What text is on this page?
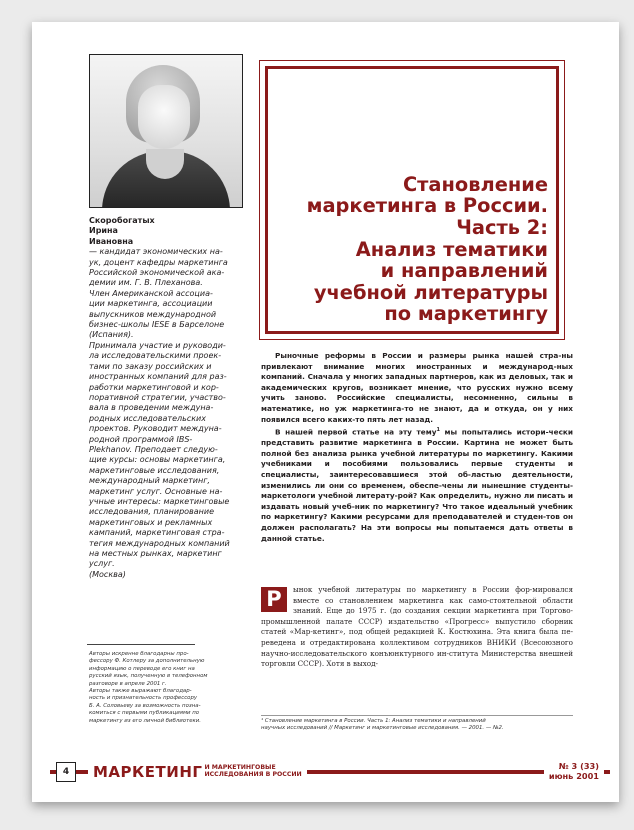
Скоробогатых
Ирина
Ивановна
— кандидат экономических на-
ук, доцент кафедры маркетинга
Российской экономической ака-
демии им. Г. В. Плеханова.
Член Американской ассоциа-
ции маркетинга, ассоциации
выпускников международной
бизнес-школы IESE в Барселоне
(Испания).
Принимала участие и руководи-
ла исследовательскими проек-
тами по заказу российских и
иностранных компаний для раз-
работки маркетинговой и кор-
поративной стратегии, участво-
вала в проведении междуна-
родных исследовательских
проектов. Руководит междуна-
родной программой IBS-
Plekhanov. Преподает следую-
щие курсы: основы маркетинга,
маркетинговые исследования,
международный маркетинг,
маркетинг услуг. Основные на-
учные интересы: маркетинговые
исследования, планирование
маркетинговых и рекламных
кампаний, маркетинговая стра-
тегия международных компаний
на местных рынках, маркетинг
услуг.
(Москва)
Авторы искренне благодарны про-
фессору Ф. Котлеру за дополнительную
информацию о переводе его книг на
русский язык, полученную в телефонном
разговоре в апреле 2001 г.
Авторы также выражают благодар-
ность и признательность профессору
Б. А. Соловьеву за возможность позна-
комиться с первыми публикациями по
маркетингу из его личной библиотеки.
Становление
маркетинга в России.
Часть 2:
Анализ тематики
и направлений
учебной литературы
по маркетингу

Рыночные реформы в России и размеры рынка нашей стра-ны привлекают внимание многих иностранных и международ-ных компаний. Сначала у многих западных партнеров, как из деловых, так и академических кругов, возникает мнение, что русских нужно всему учить заново. Российские специалисты, несомненно, сильны в математике, но уж маркетинга-то не знают, да и откуда, он у них появился всего каких-то пять лет назад.

В нашей первой статье на эту тему$^1$ мы попытались истори-чески представить развитие маркетинга в России. Картина не может быть полной без анализа рынка учебной литературы по маркетингу. Какими учебниками и пособиями пользовались первые студенты и специалисты, заинтересовавшиеся этой об-ластью деятельности, изменились ли они со временем, обеспе-чены ли нынешние студенты-маркетологи учебной литерату-рой? Как определить, нужно ли писать и издавать новый учеб-ник по маркетингу? Что такое идеальный учебник по маркетингу? Какими ресурсами для преподавателей и студен-тов он должен располагать? На эти вопросы мы попытаемся дать ответы в данной статье.

Р	ынок учебной литературы по маркетингу в России фор-мировался вместе со становлением маркетинга как само-стоятельной области знаний. Еще до 1975 г. (до создания секции маркетинга при Торгово-промышленной палате СССР) издательство «Прогресс» выпустило сборник статей «Мар-кетинг», под общей редакцией К. Костюхина. Эта книга была пе-реведена и отредактирована коллективом сотрудников ВНИКИ (Всесоюзного научно-исследовательского конъюнктурного ин-ститута Министерства внешней торговли СССР). Хотя в выход-
¹ Становление маркетинга в России. Часть 1: Анализ тематики и направлений
научных исследований // Маркетинг и маркетинговые исследования. — 2001. — №2.
4	МАРКЕТИНГ И МАРКЕТИНГОВЫЕ
ИССЛЕДОВАНИЯ В РОССИИ
№ 3 (33)
июнь 2001
